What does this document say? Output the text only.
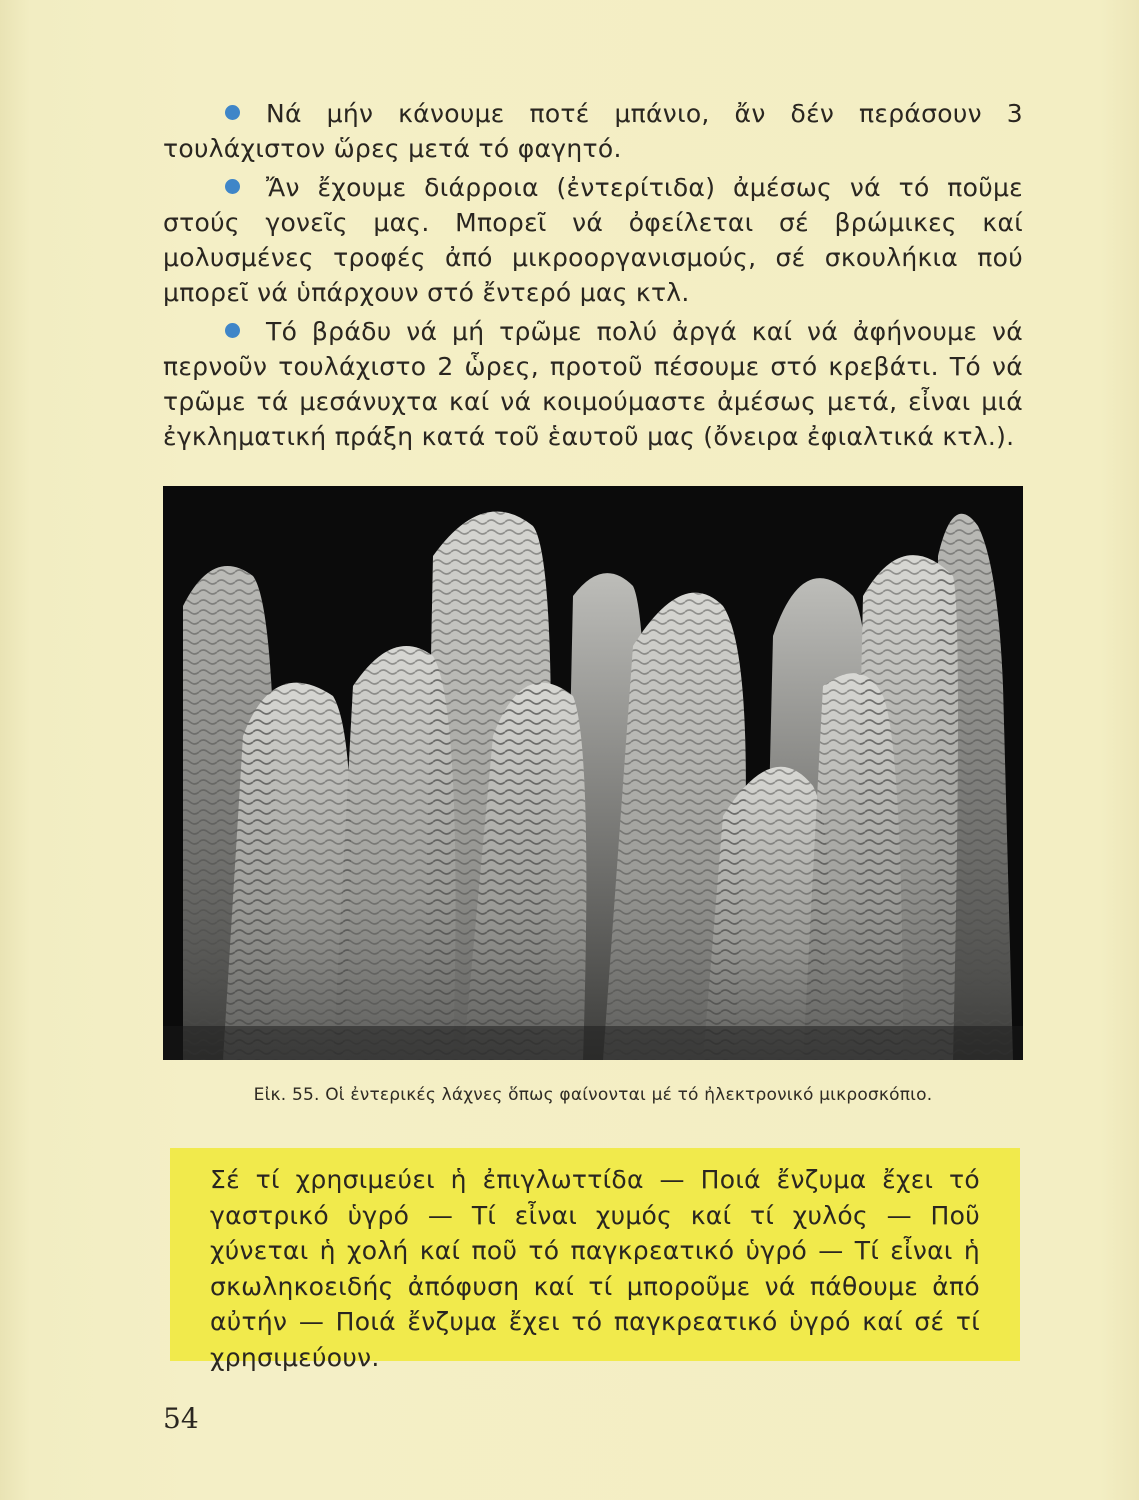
Νά μήν κάνουμε ποτέ μπάνιο, ἄν δέν περάσουν 3 τουλάχιστον ὥρες μετά τό φαγητό.

Ἄν ἔχουμε διάρροια (ἐντερίτιδα) ἀμέσως νά τό ποῦμε στούς γονεῖς μας. Μπορεῖ νά ὀφείλεται σέ βρώμικες καί μολυσμένες τροφές ἀπό μικροοργανισμούς, σέ σκουλήκια πού μπορεῖ νά ὑπάρχουν στό ἔντερό μας κτλ.

Τό βράδυ νά μή τρῶμε πολύ ἀργά καί νά ἀφήνουμε νά περνοῦν τουλάχιστο 2 ὧρες, προτοῦ πέσουμε στό κρεβάτι. Τό νά τρῶμε τά μεσάνυχτα καί νά κοιμούμαστε ἀμέσως μετά, εἶναι μιά ἐγκληματική πράξη κατά τοῦ ἑαυτοῦ μας (ὄνειρα ἐφιαλτικά κτλ.).

Εἰκ. 55. Οἱ ἐντερικές λάχνες ὅπως φαίνονται μέ τό ἠλεκτρονικό μικροσκόπιο.
Σέ τί χρησιμεύει ἡ ἐπιγλωττίδα — Ποιά ἔνζυμα ἔχει τό γαστρικό ὑγρό — Τί εἶναι χυμός καί τί χυλός — Ποῦ χύνεται ἡ χολή καί ποῦ τό παγκρεατικό ὑγρό — Τί εἶναι ἡ σκωληκοειδής ἀπόφυση καί τί μποροῦμε νά πάθουμε ἀπό αὐτήν — Ποιά ἔνζυμα ἔχει τό παγκρεατικό ὑγρό καί σέ τί χρησιμεύουν.
54
